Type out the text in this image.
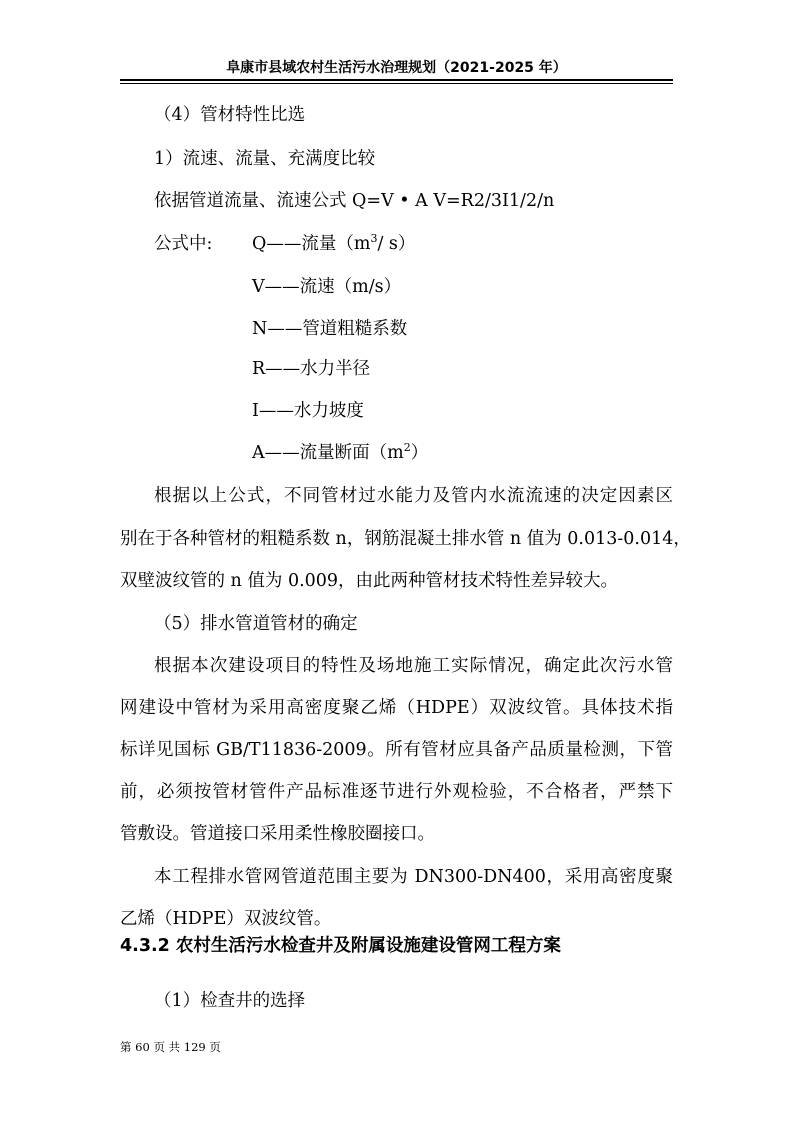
阜康市县域农村生活污水治理规划（2021-2025 年）
（4）管材特性比选
1）流速、流量、充满度比较
依据管道流量、流速公式 Q=V • A V=R2/3I1/2/n
公式中: Q——流量（$m^3/$ s）
V——流速（m/s）
N——管道粗糙系数
R——水力半径
I——水力坡度
A——流量断面$(m^2)$
根据以上公式，不同管材过水能力及管内水流流速的决定因素区
别在于各种管材的粗糙系数 n，钢筋混凝土排水管 n 值为 0.013-0.014，
双壁波纹管的 n 值为 0.009，由此两种管材技术特性差异较大。
（5）排水管道管材的确定
根据本次建设项目的特性及场地施工实际情况，确定此次污水管
网建设中管材为采用高密度聚乙烯（HDPE）双波纹管。具体技术指
标详见国标 GB/T11836-2009。所有管材应具备产品质量检测，下管
前，必须按管材管件产品标准逐节进行外观检验，不合格者，严禁下
管敷设。管道接口采用柔性橡胶圈接口。
本工程排水管网管道范围主要为 DN300-DN400，采用高密度聚
乙烯（HDPE）双波纹管。
4.3.2 农村生活污水检查井及附属设施建设管网工程方案
（1）检查井的选择
第 60 页 共 129 页
